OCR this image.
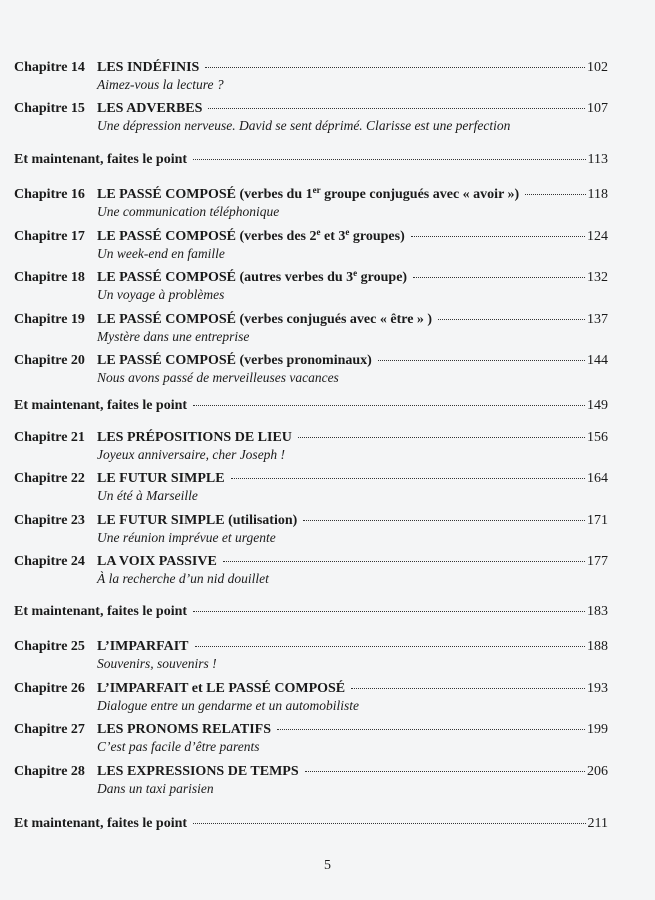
Chapitre 14 LES INDÉFINIS	102
Aimez-vous la lecture ?
Chapitre 15 LES ADVERBES	107
Une dépression nerveuse. David se sent déprimé. Clarisse est une perfection
Et maintenant, faites le point	113
Chapitre 16 LE PASSÉ COMPOSÉ (verbes du 1er groupe conjugués avec « avoir »)	118
Une communication téléphonique
Chapitre 17 LE PASSÉ COMPOSÉ (verbes des 2e et 3e groupes)	124
Un week-end en famille
Chapitre 18 LE PASSÉ COMPOSÉ (autres verbes du 3e groupe)	132
Un voyage à problèmes
Chapitre 19 LE PASSÉ COMPOSÉ (verbes conjugués avec « être » )	137
Mystère dans une entreprise
Chapitre 20 LE PASSÉ COMPOSÉ (verbes pronominaux)	144
Nous avons passé de merveilleuses vacances
Et maintenant, faites le point	149
Chapitre 21 LES PRÉPOSITIONS DE LIEU	156
Joyeux anniversaire, cher Joseph !
Chapitre 22 LE FUTUR SIMPLE	164
Un été à Marseille
Chapitre 23 LE FUTUR SIMPLE (utilisation)	171
Une réunion imprévue et urgente
Chapitre 24 LA VOIX PASSIVE	177
À la recherche d’un nid douillet
Et maintenant, faites le point	183
Chapitre 25 L’IMPARFAIT	188
Souvenirs, souvenirs !
Chapitre 26 L’IMPARFAIT et LE PASSÉ COMPOSÉ	193
Dialogue entre un gendarme et un automobiliste
Chapitre 27 LES PRONOMS RELATIFS	199
C’est pas facile d’être parents
Chapitre 28 LES EXPRESSIONS DE TEMPS	206
Dans un taxi parisien
Et maintenant, faites le point	211
5
